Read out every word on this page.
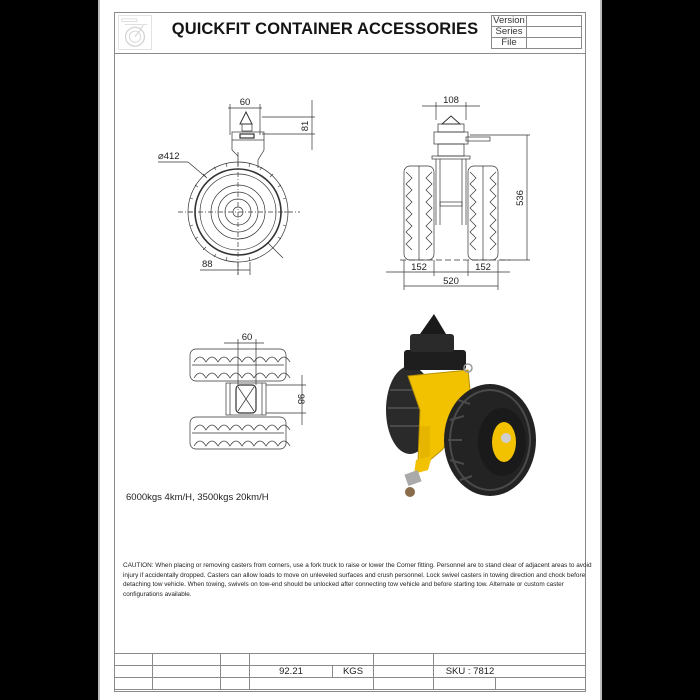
QUICKFIT CONTAINER ACCESSORIES	Version	
Series	
File	
60
81
⌀412
88
108
536
152	152
520
60
98
6000kgs 4km/H, 3500kgs 20km/H
CAUTION: When placing or removing casters from corners, use a fork truck to raise or lower the Corner fitting. Personnel are to stand clear of adjacent areas to avoid injury if accidentally dropped. Casters can allow loads to move on unleveled surfaces and crush personnel. Lock swivel casters in towing direction and chock before detaching tow vehicle. When towing, swivels on tow-end should be unlocked after connecting tow vehicle and before starting tow. Alternate or custom caster configurations available.
92.21	KGS	SKU : 7812
